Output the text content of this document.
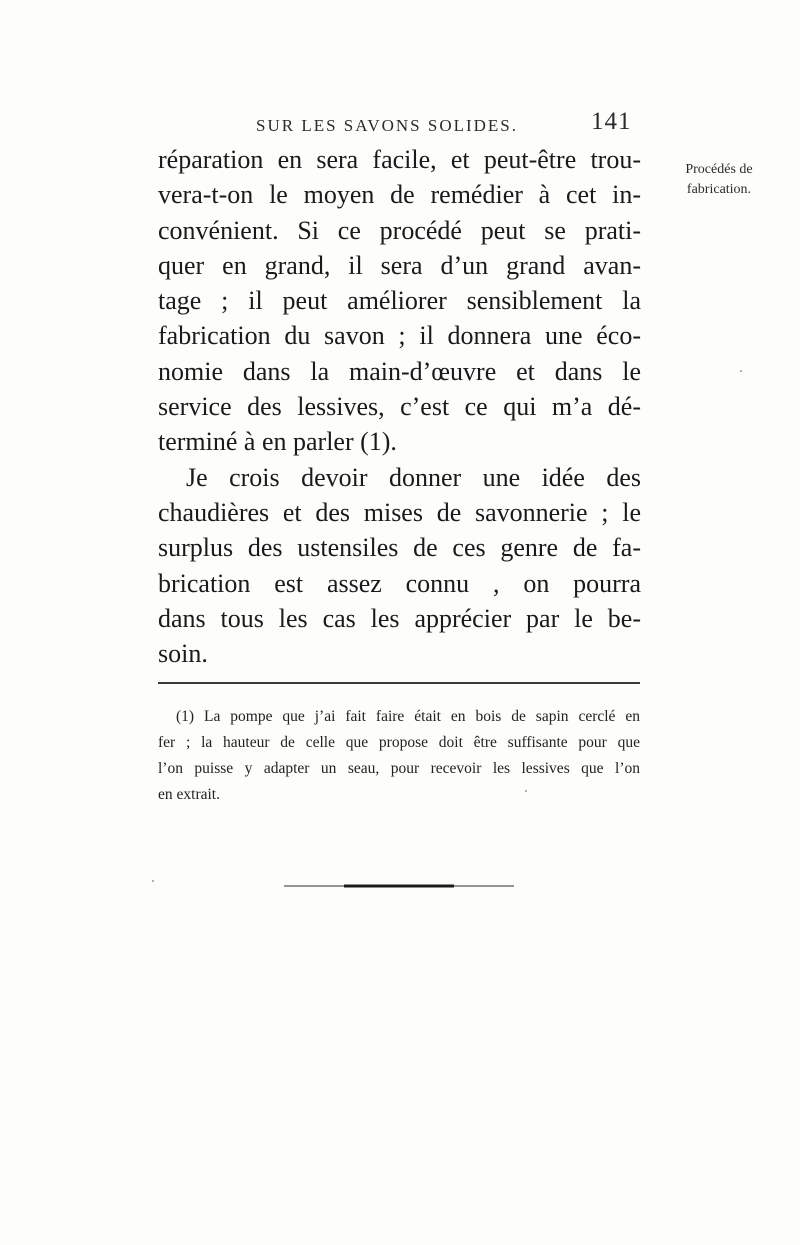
SUR LES SAVONS SOLIDES.	141
Procédés de
fabrication.
réparation en sera facile, et peut-être trou-
vera-t-on le moyen de remédier à cet in-
convénient. Si ce procédé peut se prati-
quer en grand, il sera d’un grand avan-
tage ; il peut améliorer sensiblement la
fabrication du savon ; il donnera une éco-
nomie dans la main-d’œuvre et dans le
service des lessives, c’est ce qui m’a dé-
terminé à en parler (1).
Je crois devoir donner une idée des
chaudières et des mises de savonnerie ; le
surplus des ustensiles de ces genre de fa-
brication est assez connu , on pourra
dans tous les cas les apprécier par le be-
soin.
(1) La pompe que j’ai fait faire était en bois de sapin cerclé en
fer ; la hauteur de celle que propose doit être suffisante pour que
l’on puisse y adapter un seau, pour recevoir les lessives que l’on
en extrait.
